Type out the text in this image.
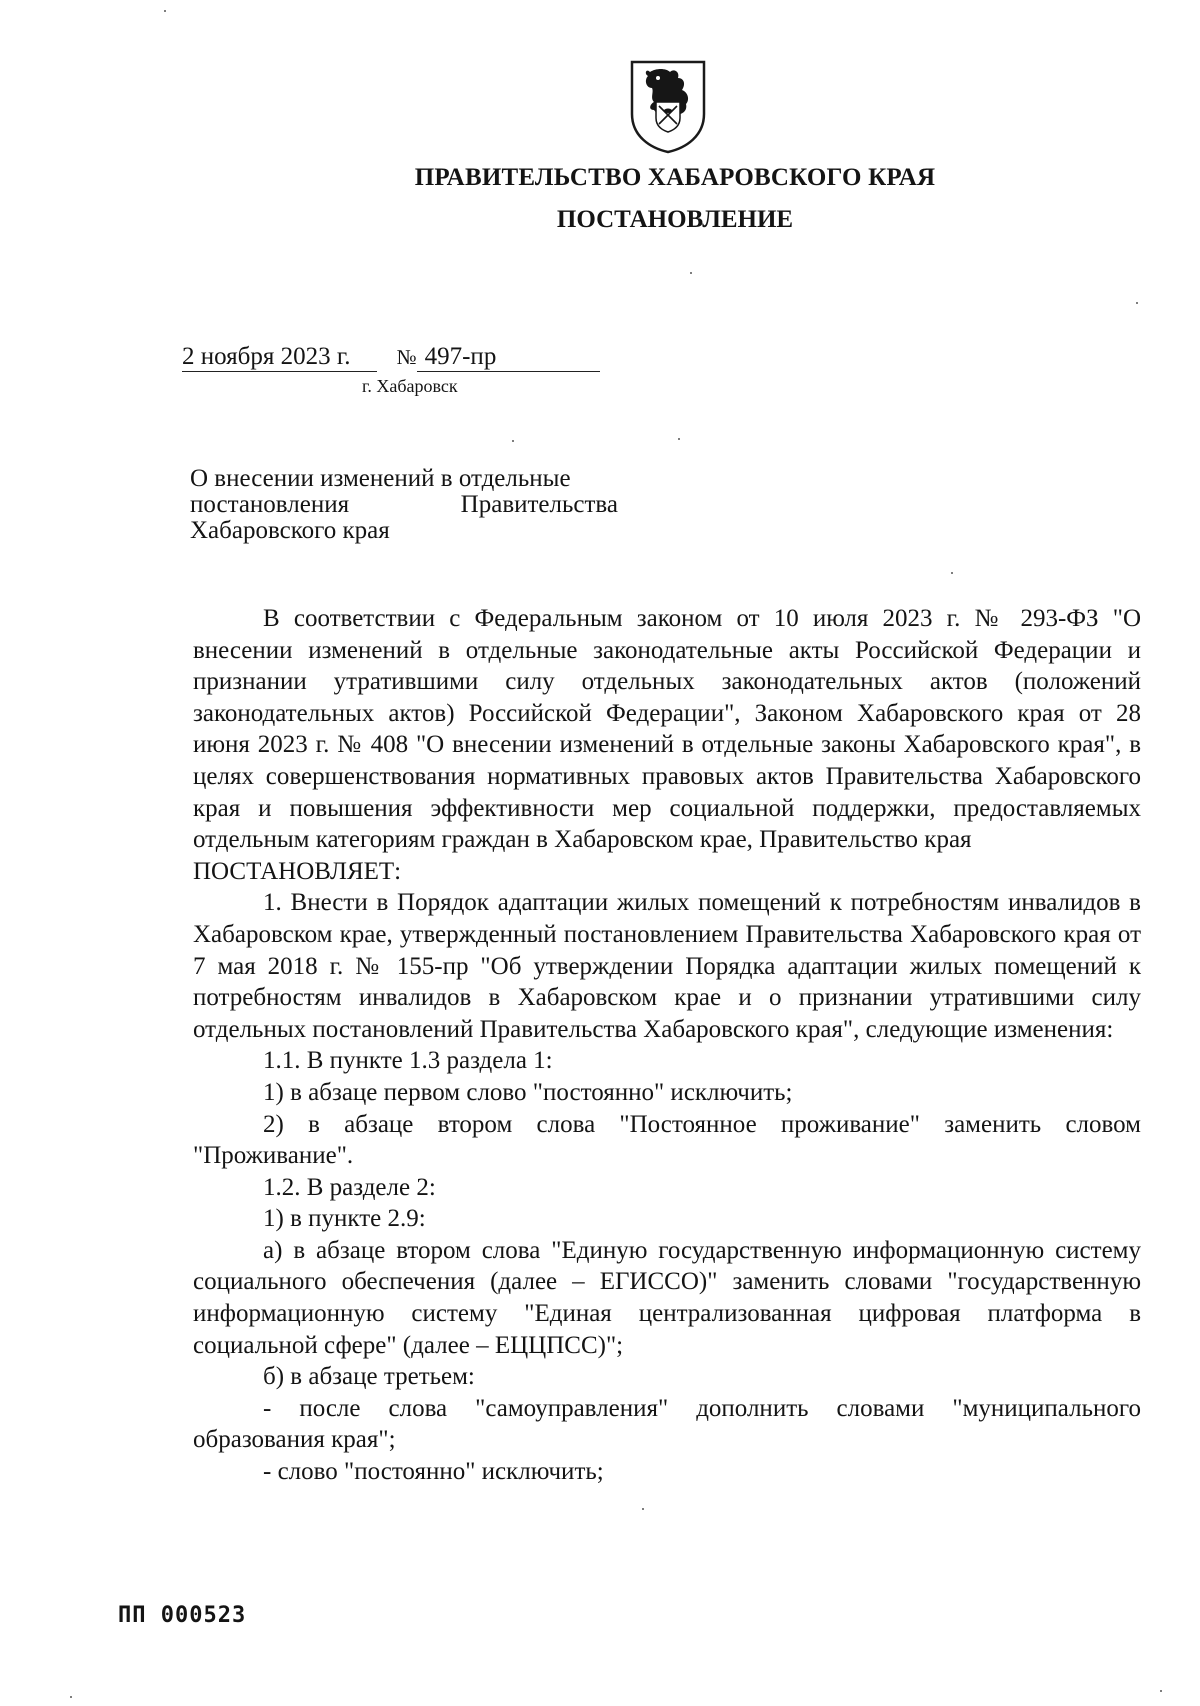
ПРАВИТЕЛЬСТВО ХАБАРОВСКОГО КРАЯ
ПОСТАНОВЛЕНИЕ
2 ноября 2023 г. № 497-пр
г. Хабаровск
О внесении изменений в отдельные
постановления Правительства
Хабаровского края

В соответствии с Федеральным законом от 10 июля 2023 г. № 293-ФЗ "О внесении изменений в отдельные законодательные акты Российской Федерации и признании утратившими силу отдельных законодательных актов (положений законодательных актов) Российской Федерации", Законом Хабаровского края от 28 июня 2023 г. № 408 "О внесении изменений в отдельные законы Хабаровского края", в целях совершенствования нормативных правовых актов Правительства Хабаровского края и повышения эффективности мер социальной поддержки, предоставляемых отдельным категориям граждан в Хабаровском крае, Правительство края

ПОСТАНОВЛЯЕТ:

1. Внести в Порядок адаптации жилых помещений к потребностям инвалидов в Хабаровском крае, утвержденный постановлением Правительства Хабаровского края от 7 мая 2018 г. № 155-пр "Об утверждении Порядка адаптации жилых помещений к потребностям инвалидов в Хабаровском крае и о признании утратившими силу отдельных постановлений Правительства Хабаровского края", следующие изменения:

1.1. В пункте 1.3 раздела 1:

1) в абзаце первом слово "постоянно" исключить;

2) в абзаце втором слова "Постоянное проживание" заменить словом "Проживание".

1.2. В разделе 2:

1) в пункте 2.9:

а) в абзаце втором слова "Единую государственную информационную систему социального обеспечения (далее – ЕГИССО)" заменить словами "государственную информационную систему "Единая централизованная цифровая платформа в социальной сфере" (далее – ЕЦЦПСС)";

б) в абзаце третьем:

- после слова "самоуправления" дополнить словами "муниципального образования края";

- слово "постоянно" исключить;

ПП 000523
